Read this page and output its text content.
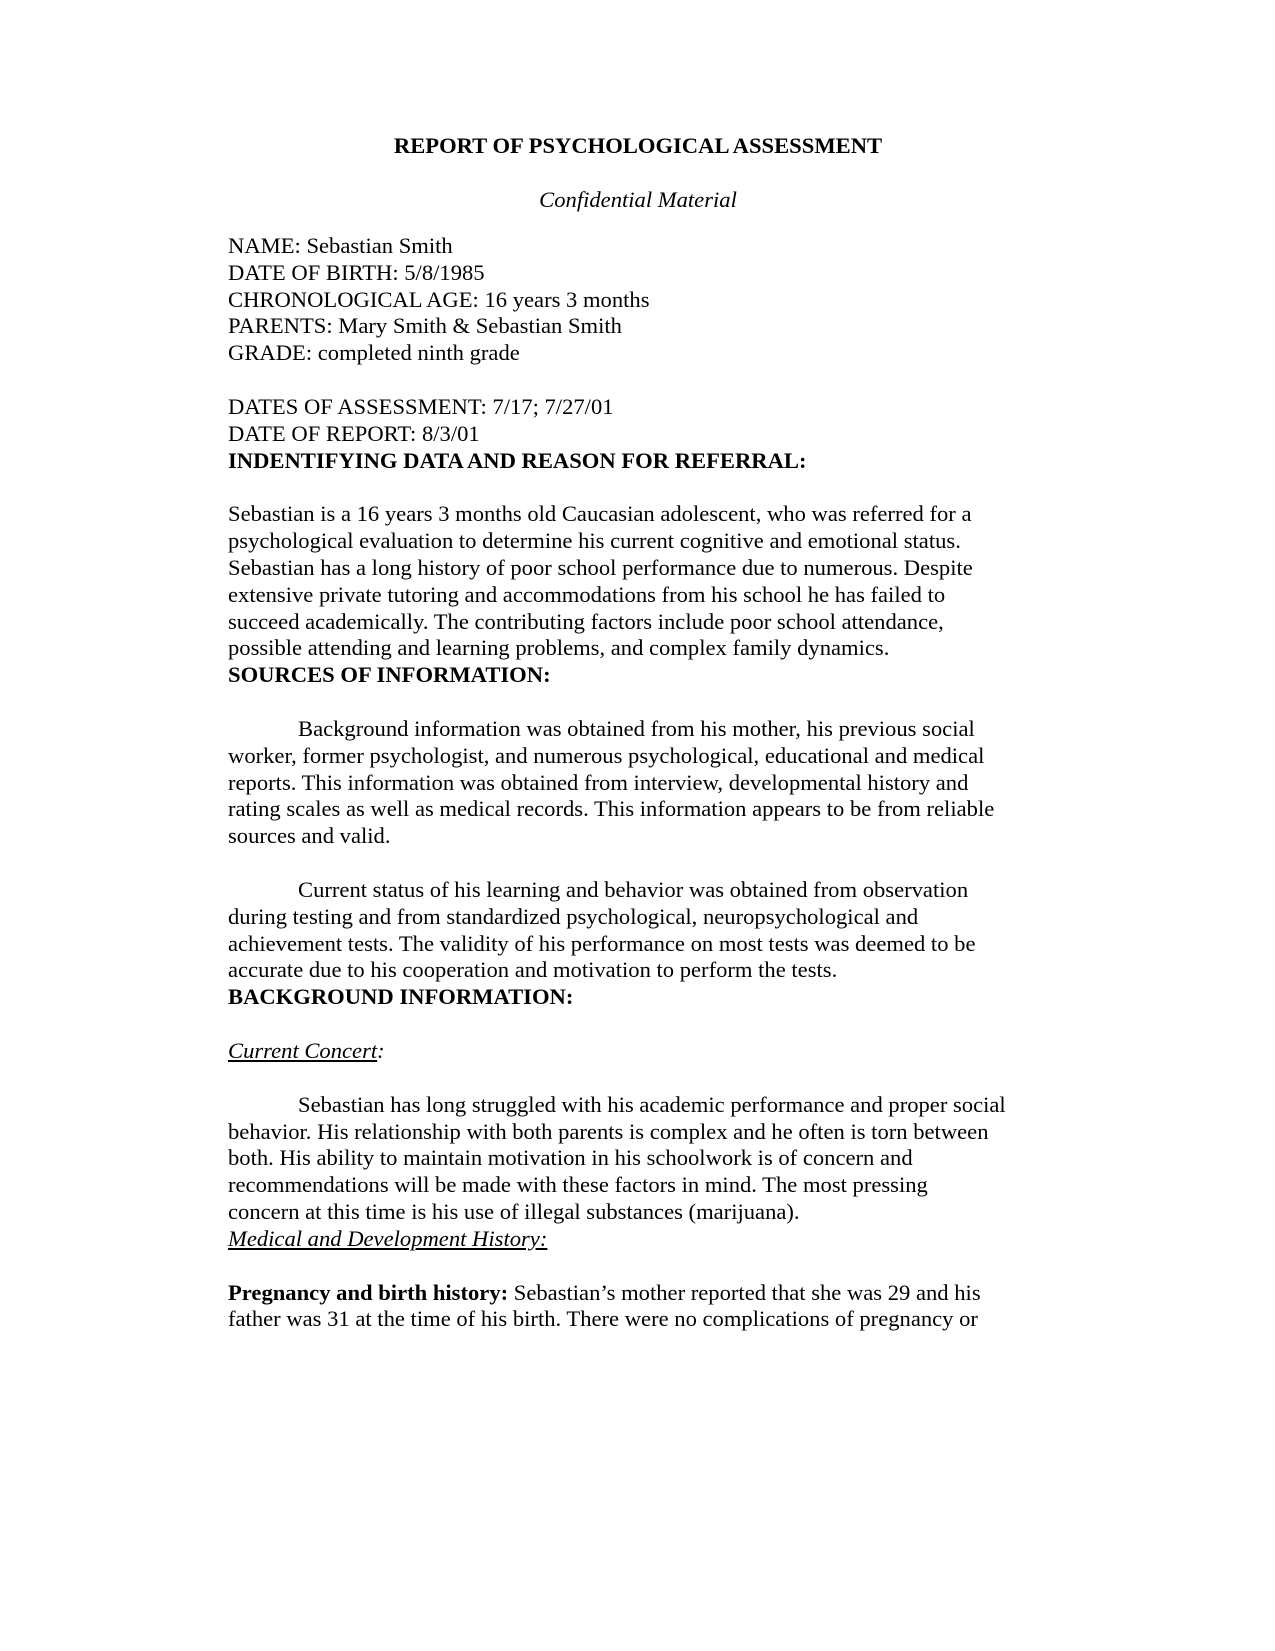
REPORT OF PSYCHOLOGICAL ASSESSMENT

Confidential Material

NAME: Sebastian Smith

DATE OF BIRTH: 5/8/1985

CHRONOLOGICAL AGE: 16 years 3 months

PARENTS: Mary Smith & Sebastian Smith

GRADE: completed ninth grade

DATES OF ASSESSMENT: 7/17; 7/27/01

DATE OF REPORT: 8/3/01

INDENTIFYING DATA AND REASON FOR REFERRAL:

Sebastian is a 16 years 3 months old Caucasian adolescent, who was referred for a

psychological evaluation to determine his current cognitive and emotional status.

Sebastian has a long history of poor school performance due to numerous. Despite

extensive private tutoring and accommodations from his school he has failed to

succeed academically. The contributing factors include poor school attendance,

possible attending and learning problems, and complex family dynamics.

SOURCES OF INFORMATION:

Background information was obtained from his mother, his previous social

worker, former psychologist, and numerous psychological, educational and medical

reports. This information was obtained from interview, developmental history and

rating scales as well as medical records. This information appears to be from reliable

sources and valid.

Current status of his learning and behavior was obtained from observation

during testing and from standardized psychological, neuropsychological and

achievement tests. The validity of his performance on most tests was deemed to be

accurate due to his cooperation and motivation to perform the tests.

BACKGROUND INFORMATION:

Current Concert:

Sebastian has long struggled with his academic performance and proper social

behavior. His relationship with both parents is complex and he often is torn between

both. His ability to maintain motivation in his schoolwork is of concern and

recommendations will be made with these factors in mind. The most pressing

concern at this time is his use of illegal substances (marijuana).

Medical and Development History:

Pregnancy and birth history: Sebastian’s mother reported that she was 29 and his

father was 31 at the time of his birth. There were no complications of pregnancy or
